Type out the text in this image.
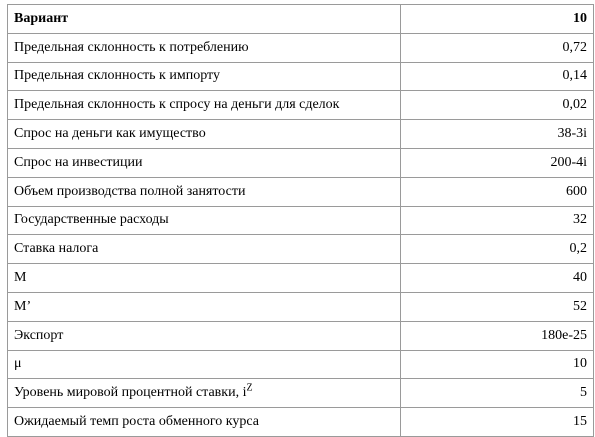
Вариант	10
Предельная склонность к потреблению	0,72
Предельная склонность к импорту	0,14
Предельная склонность к спросу на деньги для сделок	0,02
Спрос на деньги как имущество	38-3i
Спрос на инвестиции	200-4i
Объем производства полной занятости	600
Государственные расходы	32
Ставка налога	0,2
M	40
M’	52
Экспорт	180e-25
μ	10
Уровень мировой процентной ставки, $i^Z$	5
Ожидаемый темп роста обменного курса	15
